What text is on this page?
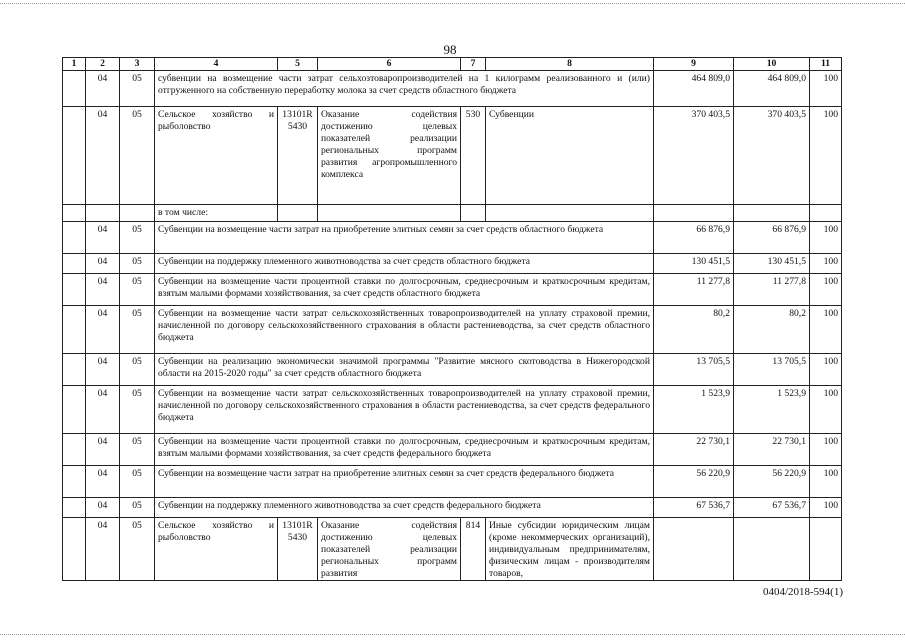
98
1	2	3	4	5	6	7	8	9	10	11
	04	05	субвенции на возмещение части затрат сельхозтоваропроизводителей на 1 килограмм реализованного и (или) отгруженного на собственную переработку молока за счет средств областного бюджета					464 809,0	464 809,0	100
	04	05	Сельское хозяйство и рыболовство	13101R 5430	Оказание содействия достижению целевых показателей реализации региональных программ развития агропромышленного комплекса	530	Субвенции	370 403,5	370 403,5	100
			в том числе:							
	04	05	Субвенции на возмещение части затрат на приобретение элитных семян за счет средств областного бюджета					66 876,9	66 876,9	100
	04	05	Субвенции на поддержку племенного животноводства за счет средств областного бюджета					130 451,5	130 451,5	100
	04	05	Субвенции на возмещение части процентной ставки по долгосрочным, среднесрочным и краткосрочным кредитам, взятым малыми формами хозяйствования, за счет средств областного бюджета					11 277,8	11 277,8	100
	04	05	Субвенции на возмещение части затрат сельскохозяйственных товаропроизводителей на уплату страховой премии, начисленной по договору сельскохозяйственного страхования в области растениеводства, за счет средств областного бюджета					80,2	80,2	100
	04	05	Субвенции на реализацию экономически значимой программы "Развитие мясного скотоводства в Нижегородской области на 2015-2020 годы" за счет средств областного бюджета					13 705,5	13 705,5	100
	04	05	Субвенции на возмещение части затрат сельскохозяйственных товаропроизводителей на уплату страховой премии, начисленной по договору сельскохозяйственного страхования в области растениеводства, за счет средств федерального бюджета					1 523,9	1 523,9	100
	04	05	Субвенции на возмещение части процентной ставки по долгосрочным, среднесрочным и краткосрочным кредитам, взятым малыми формами хозяйствования, за счет средств федерального бюджета					22 730,1	22 730,1	100
	04	05	Субвенции на возмещение части затрат на приобретение элитных семян за счет средств федерального бюджета					56 220,9	56 220,9	100
	04	05	Субвенции на поддержку племенного животноводства за счет средств федерального бюджета					67 536,7	67 536,7	100
	04	05	Сельское хозяйство и рыболовство	13101R 5430	Оказание содействия достижению целевых показателей реализации региональных программ развития	814	Иные субсидии юридическим лицам (кроме некоммерческих организаций), индивидуальным предпринимателям, физическим лицам - производителям товаров,			

0404/2018-594(1)
